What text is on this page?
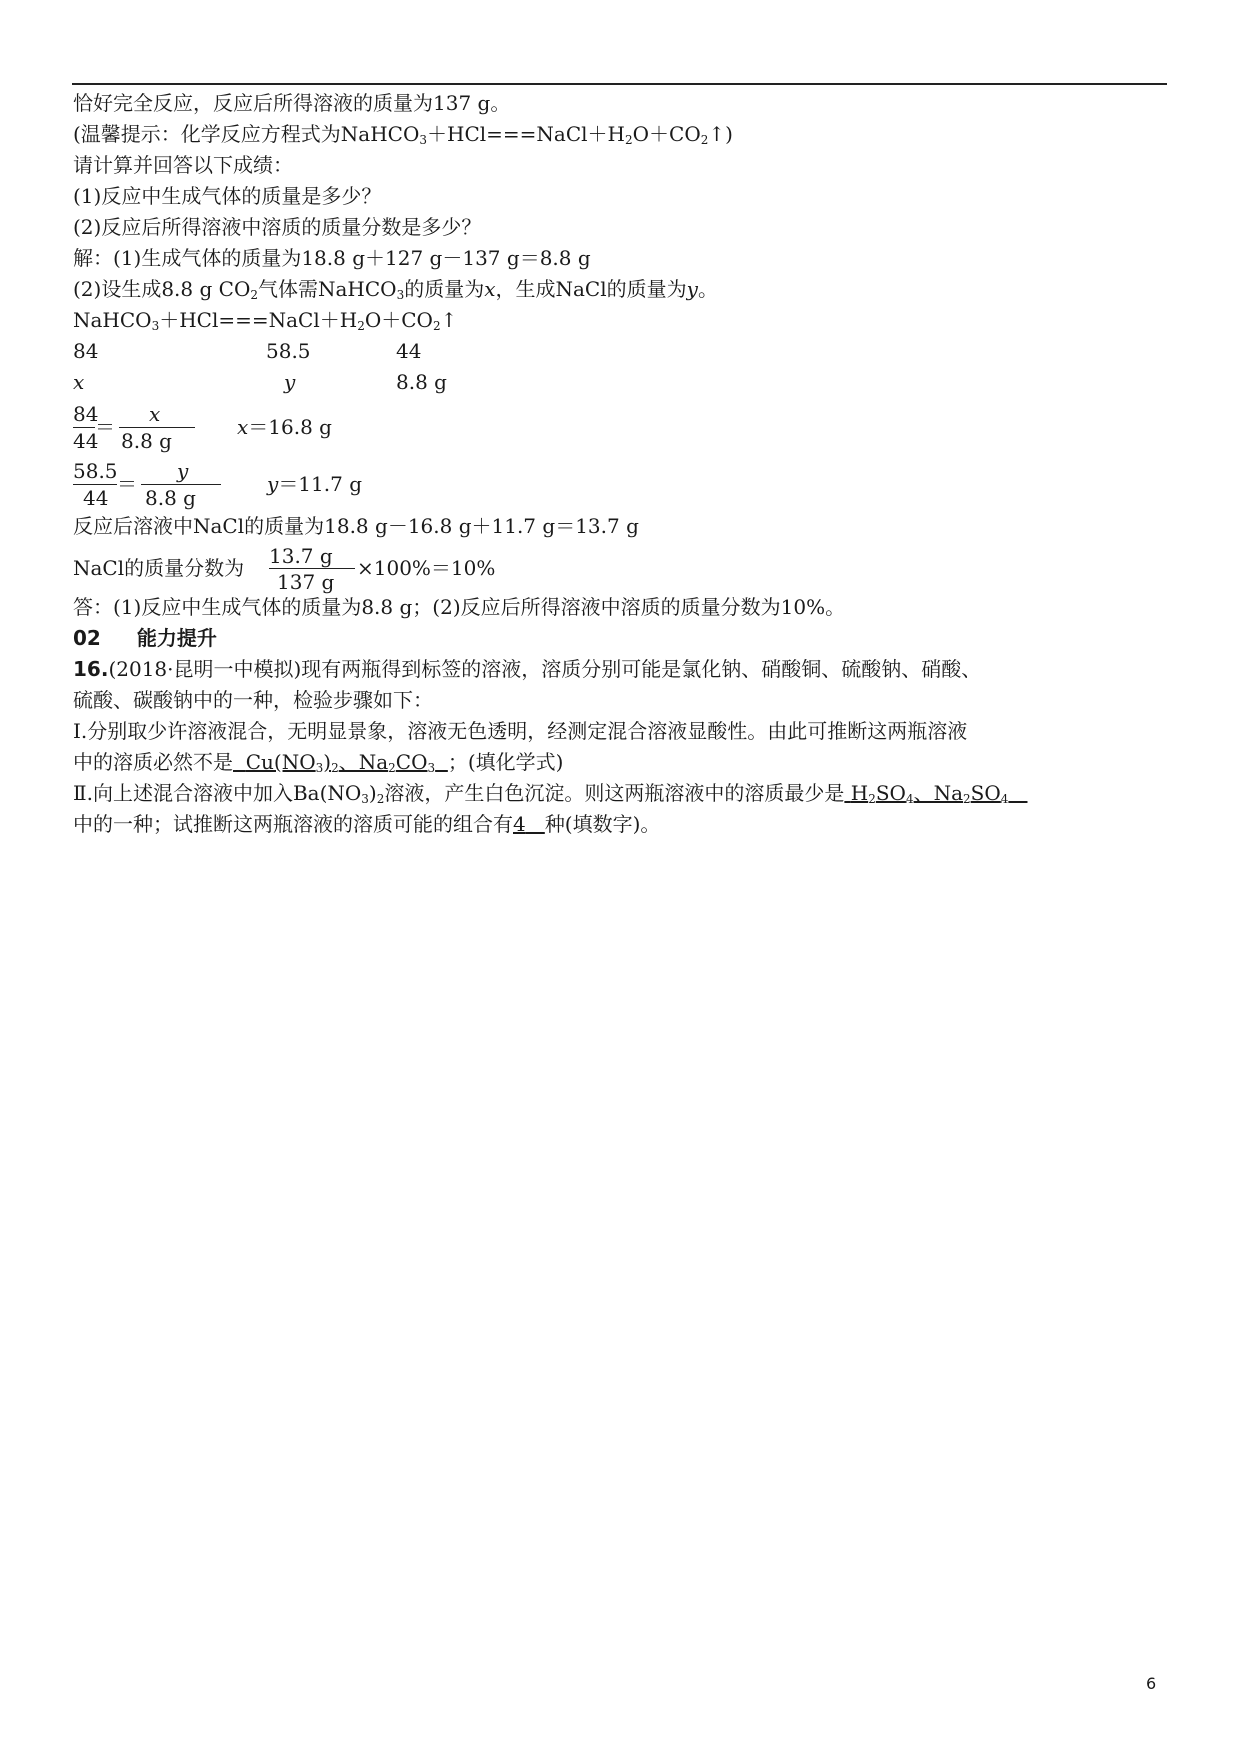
恰好完全反应，反应后所得溶液的质量为137 g。
(温馨提示：化学反应方程式为$NaHCO_3+HCl===NaCl+H_2O+CO_2↑$)
请计算并回答以下成绩：
(1)反应中生成气体的质量是多少？
(2)反应后所得溶液中溶质的质量分数是多少？
解：(1)生成气体的质量为18.8 g＋127 g－137 g＝8.8 g
(2)设生成8.8 g $CO_2$气体需NaHCO$_3$的质量为x，生成NaCl的质量为y。
$NaHCO_3+HCl===NaCl+H_2O+CO_2↑$
84	58.5	44
x	y	8.8 g
84
44
＝
x
8.8 g
x＝16.8 g
58.5
44
＝
y
8.8 g
y＝11.7 g
反应后溶液中NaCl的质量为18.8 g－16.8 g＋11.7 g＝13.7 g
NaCl的质量分数为 13.7 g
137 g
×100%＝10%
答：(1)反应中生成气体的质量为8.8 g；(2)反应后所得溶液中溶质的质量分数为10%。
02 能力提升
16.(2018·昆明一中模拟)现有两瓶得到标签的溶液，溶质分别可能是氯化钠、硝酸铜、硫酸钠、硝酸、
硫酸、碳酸钠中的一种，检验步骤如下：
Ⅰ.分别取少许溶液混合，无明显景象，溶液无色透明，经测定混合溶液显酸性。由此可推断这两瓶溶液
中的溶质必然不是 $Cu(NO_3)_2$、$Na_2CO_3$ ；(填化学式)
Ⅱ.向上述混合溶液中加入$Ba(NO_3)_2$溶液，产生白色沉淀。则这两瓶溶液中的溶质最少是 $H_2SO_4$、$Na_2SO_4$
中的一种；试推断这两瓶溶液的溶质可能的组合有4 种(填数字)。
6
